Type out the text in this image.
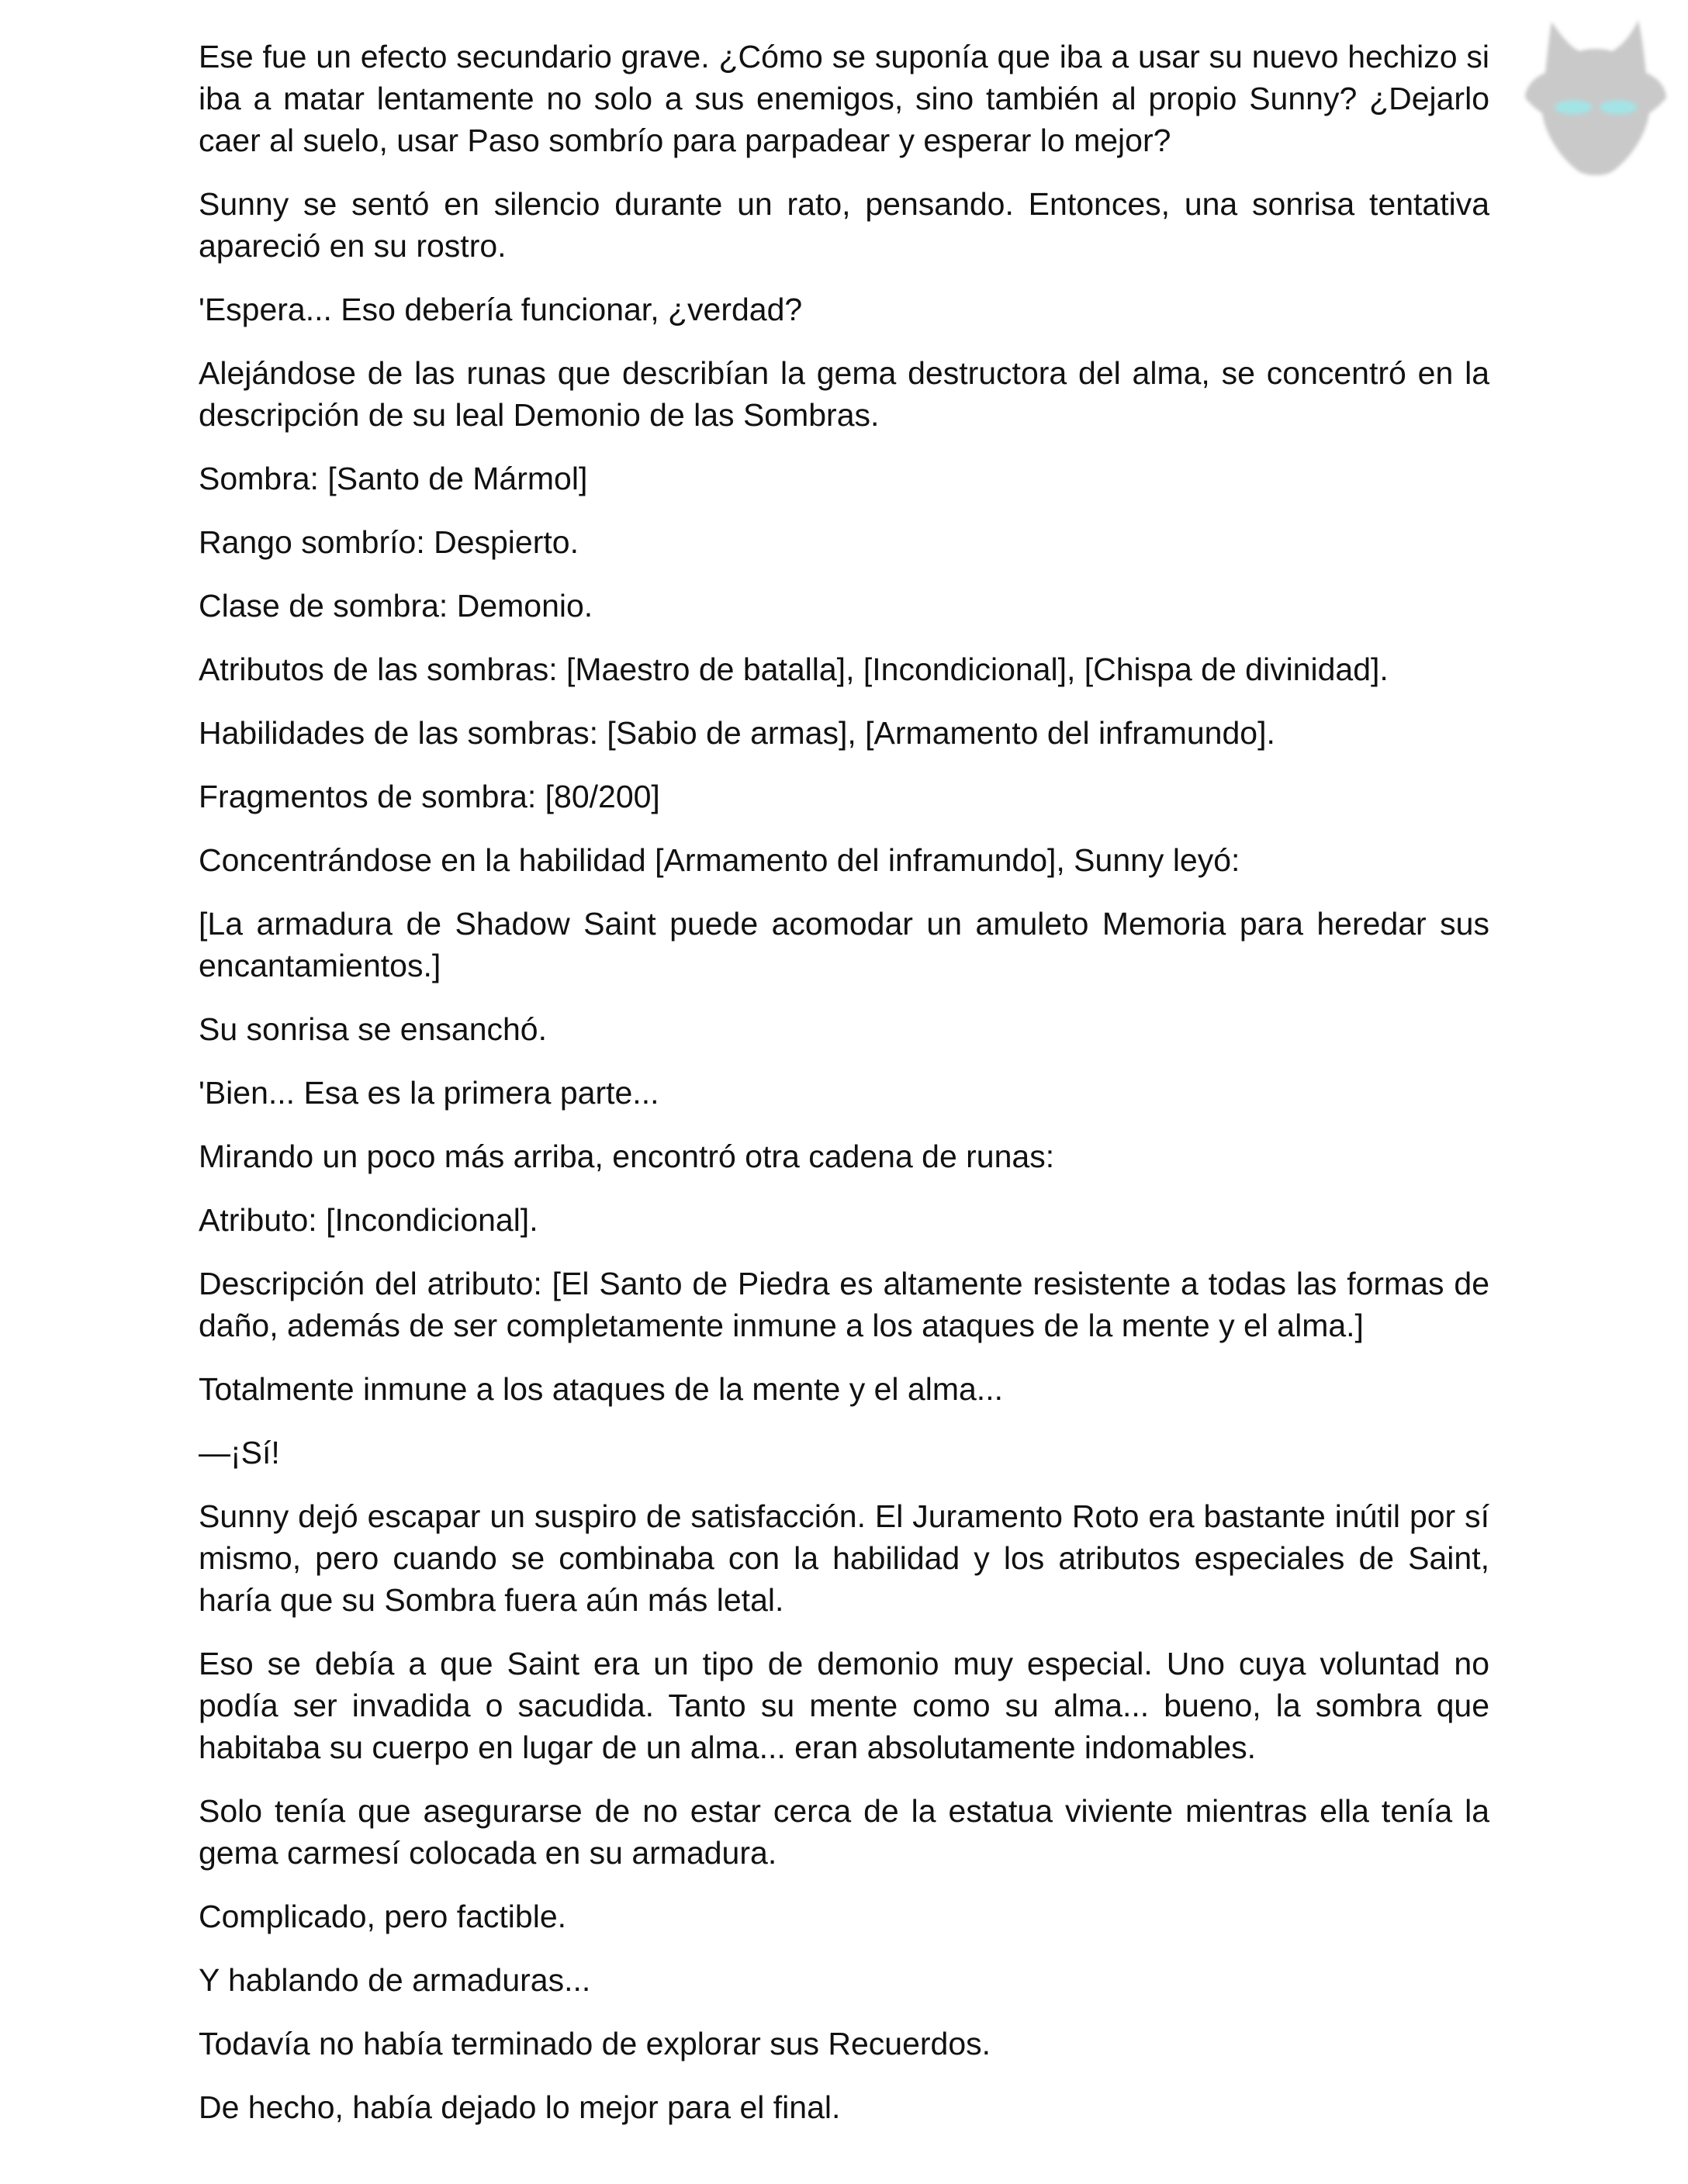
Ese fue un efecto secundario grave. ¿Cómo se suponía que iba a usar su nuevo hechizo si iba a matar lentamente no solo a sus enemigos, sino también al propio Sunny? ¿Dejarlo caer al suelo, usar Paso sombrío para parpadear y esperar lo mejor?

Sunny se sentó en silencio durante un rato, pensando. Entonces, una sonrisa tentativa apareció en su rostro.

'Espera... Eso debería funcionar, ¿verdad?

Alejándose de las runas que describían la gema destructora del alma, se concentró en la descripción de su leal Demonio de las Sombras.

Sombra: [Santo de Mármol]

Rango sombrío: Despierto.

Clase de sombra: Demonio.

Atributos de las sombras: [Maestro de batalla], [Incondicional], [Chispa de divinidad].

Habilidades de las sombras: [Sabio de armas], [Armamento del inframundo].

Fragmentos de sombra: [80/200]

Concentrándose en la habilidad [Armamento del inframundo], Sunny leyó:

[La armadura de Shadow Saint puede acomodar un amuleto Memoria para heredar sus encantamientos.]

Su sonrisa se ensanchó.

'Bien... Esa es la primera parte...

Mirando un poco más arriba, encontró otra cadena de runas:

Atributo: [Incondicional].

Descripción del atributo: [El Santo de Piedra es altamente resistente a todas las formas de daño, además de ser completamente inmune a los ataques de la mente y el alma.]

Totalmente inmune a los ataques de la mente y el alma...

—¡Sí!

Sunny dejó escapar un suspiro de satisfacción. El Juramento Roto era bastante inútil por sí mismo, pero cuando se combinaba con la habilidad y los atributos especiales de Saint, haría que su Sombra fuera aún más letal.

Eso se debía a que Saint era un tipo de demonio muy especial. Uno cuya voluntad no podía ser invadida o sacudida. Tanto su mente como su alma... bueno, la sombra que habitaba su cuerpo en lugar de un alma... eran absolutamente indomables.

Solo tenía que asegurarse de no estar cerca de la estatua viviente mientras ella tenía la gema carmesí colocada en su armadura.

Complicado, pero factible.

Y hablando de armaduras...

Todavía no había terminado de explorar sus Recuerdos.

De hecho, había dejado lo mejor para el final.
